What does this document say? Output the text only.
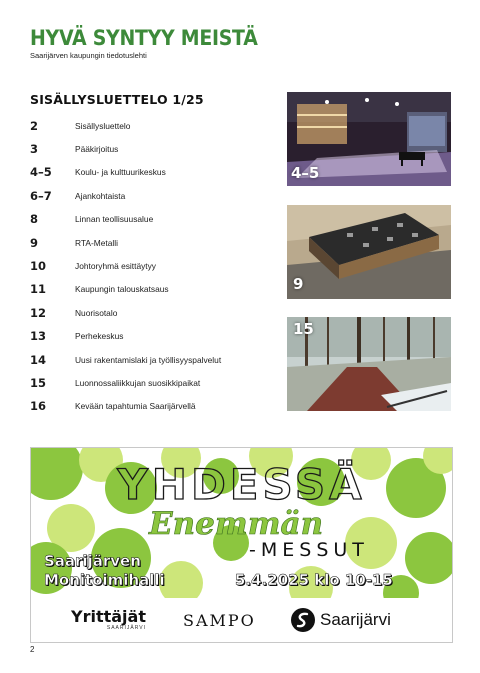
HYVÄ SYNTYY MEISTÄ
Saarijärven kaupungin tiedotuslehti
SISÄLLYSLUETTELO 1/25
2	Sisällysluettelo
3	Pääkirjoitus
4–5	Koulu- ja kulttuurikeskus
6–7	Ajankohtaista
8	Linnan teollisuusalue
9	RTA-Metalli
10	Johtoryhmä esittäytyy
11	Kaupungin talouskatsaus
12	Nuorisotalo
13	Perhekeskus
14	Uusi rakentamislaki ja työllisyyspalvelut
15	Luonnossaliikkujan suosikkipaikat
16	Kevään tapahtumia Saarijärvellä
4–5
9
15
YHDESSÄ
Enemmän
-MESSUT
Saarijärven
Monitoimihalli	5.4.2025 klo 10-15
Yrittäjät
SAARIJÄRVI SAMPO	Saarijärvi
2
